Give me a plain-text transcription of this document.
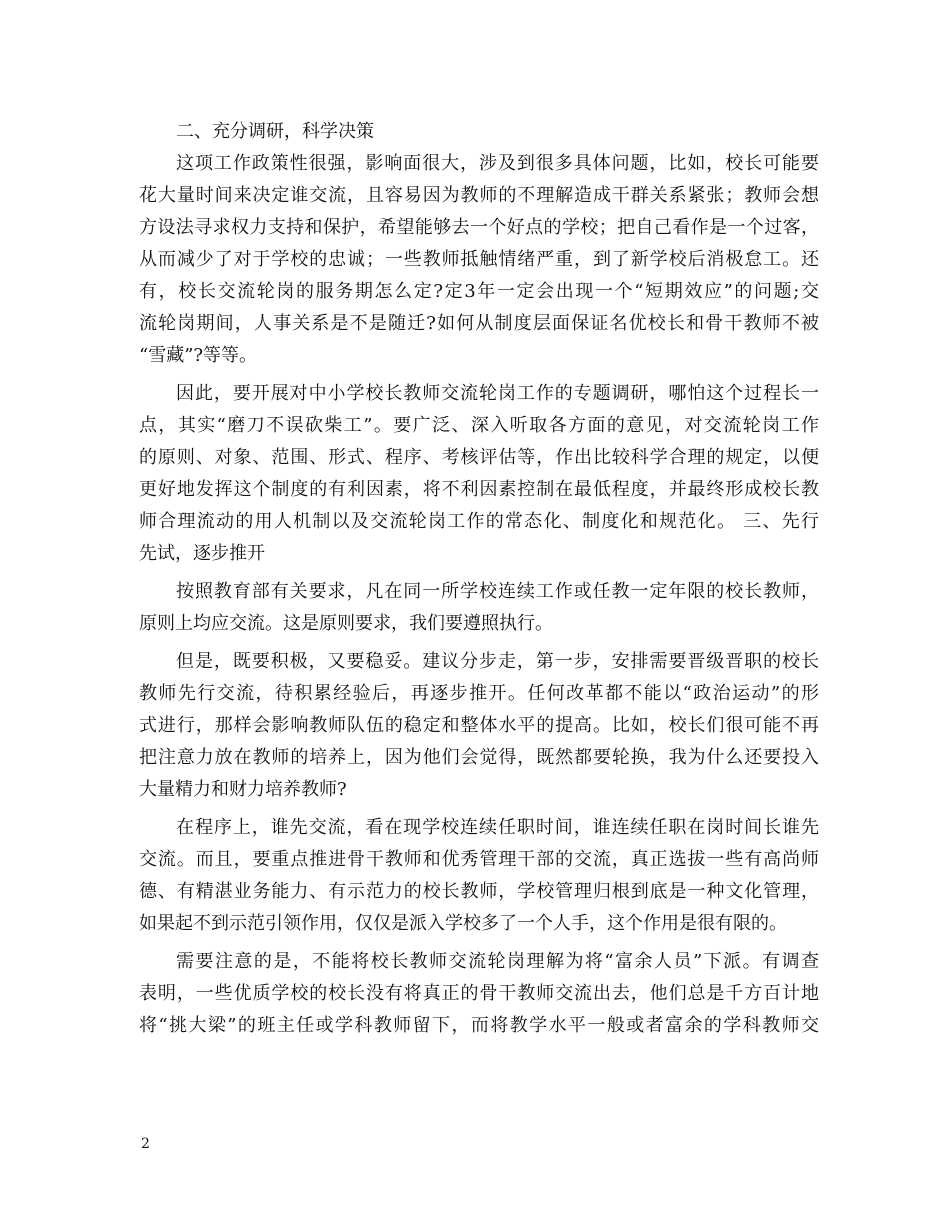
二、充分调研，科学决策
这项工作政策性很强，影响面很大，涉及到很多具体问题，比如，校长可能要
花大量时间来决定谁交流，且容易因为教师的不理解造成干群关系紧张；教师会想
方设法寻求权力支持和保护，希望能够去一个好点的学校；把自己看作是一个过客，
从而减少了对于学校的忠诚；一些教师抵触情绪严重，到了新学校后消极怠工。还
有，校长交流轮岗的服务期怎么定?定3年一定会出现一个“短期效应”的问题;交
流轮岗期间，人事关系是不是随迁?如何从制度层面保证名优校长和骨干教师不被
“雪藏”?等等。
因此，要开展对中小学校长教师交流轮岗工作的专题调研，哪怕这个过程长一
点，其实“磨刀不误砍柴工”。要广泛、深入听取各方面的意见，对交流轮岗工作
的原则、对象、范围、形式、程序、考核评估等，作出比较科学合理的规定，以便
更好地发挥这个制度的有利因素，将不利因素控制在最低程度，并最终形成校长教
师合理流动的用人机制以及交流轮岗工作的常态化、制度化和规范化。 三、先行
先试，逐步推开
按照教育部有关要求，凡在同一所学校连续工作或任教一定年限的校长教师，
原则上均应交流。这是原则要求，我们要遵照执行。
但是，既要积极，又要稳妥。建议分步走，第一步，安排需要晋级晋职的校长
教师先行交流，待积累经验后，再逐步推开。任何改革都不能以“政治运动”的形
式进行，那样会影响教师队伍的稳定和整体水平的提高。比如，校长们很可能不再
把注意力放在教师的培养上，因为他们会觉得，既然都要轮换，我为什么还要投入
大量精力和财力培养教师?
在程序上，谁先交流，看在现学校连续任职时间，谁连续任职在岗时间长谁先
交流。而且，要重点推进骨干教师和优秀管理干部的交流，真正选拔一些有高尚师
德、有精湛业务能力、有示范力的校长教师，学校管理归根到底是一种文化管理，
如果起不到示范引领作用，仅仅是派入学校多了一个人手，这个作用是很有限的。
需要注意的是，不能将校长教师交流轮岗理解为将“富余人员”下派。有调查
表明，一些优质学校的校长没有将真正的骨干教师交流出去，他们总是千方百计地
将“挑大梁”的班主任或学科教师留下，而将教学水平一般或者富余的学科教师交
2
